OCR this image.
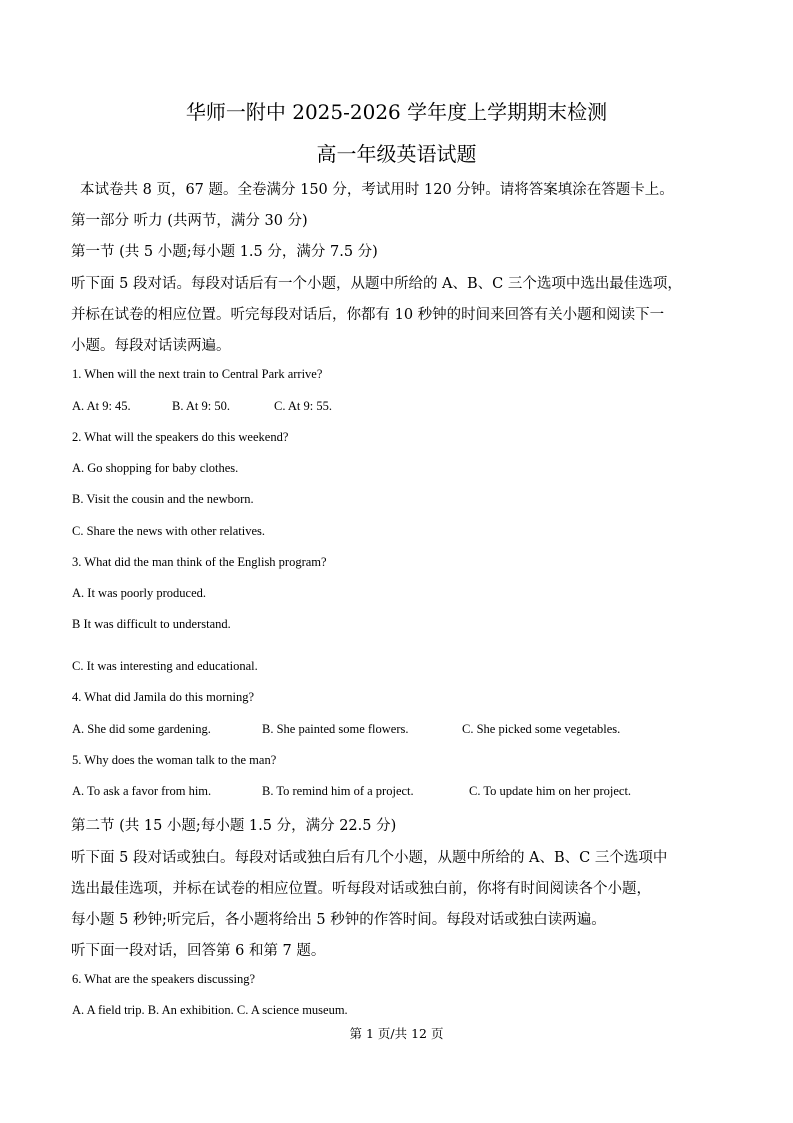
华师一附中 2025-2026 学年度上学期期末检测
高一年级英语试题
本试卷共 8 页，67 题。全卷满分 150 分，考试用时 120 分钟。请将答案填涂在答题卡上。
第一部分 听力 (共两节，满分 30 分)
第一节 (共 5 小题;每小题 1.5 分，满分 7.5 分)
听下面 5 段对话。每段对话后有一个小题，从题中所给的 A、B、C 三个选项中选出最佳选项，
并标在试卷的相应位置。听完每段对话后，你都有 10 秒钟的时间来回答有关小题和阅读下一
小题。每段对话读两遍。
1. When will the next train to Central Park arrive?
A. At 9: 45.	B. At 9: 50.	C. At 9: 55.
2. What will the speakers do this weekend?
A. Go shopping for baby clothes.
B. Visit the cousin and the newborn.
C. Share the news with other relatives.
3. What did the man think of the English program?
A. It was poorly produced.
B It was difficult to understand.
C. It was interesting and educational.
4. What did Jamila do this morning?
A. She did some gardening.	B. She painted some flowers.	C. She picked some vegetables.
5. Why does the woman talk to the man?
A. To ask a favor from him.	B. To remind him of a project.	C. To update him on her project.
第二节 (共 15 小题;每小题 1.5 分，满分 22.5 分)
听下面 5 段对话或独白。每段对话或独白后有几个小题，从题中所给的 A、B、C 三个选项中
选出最佳选项，并标在试卷的相应位置。听每段对话或独白前，你将有时间阅读各个小题，
每小题 5 秒钟;听完后，各小题将给出 5 秒钟的作答时间。每段对话或独白读两遍。
听下面一段对话，回答第 6 和第 7 题。
6. What are the speakers discussing?
A. A field trip. B. An exhibition. C. A science museum.
第 1 页/共 12 页
